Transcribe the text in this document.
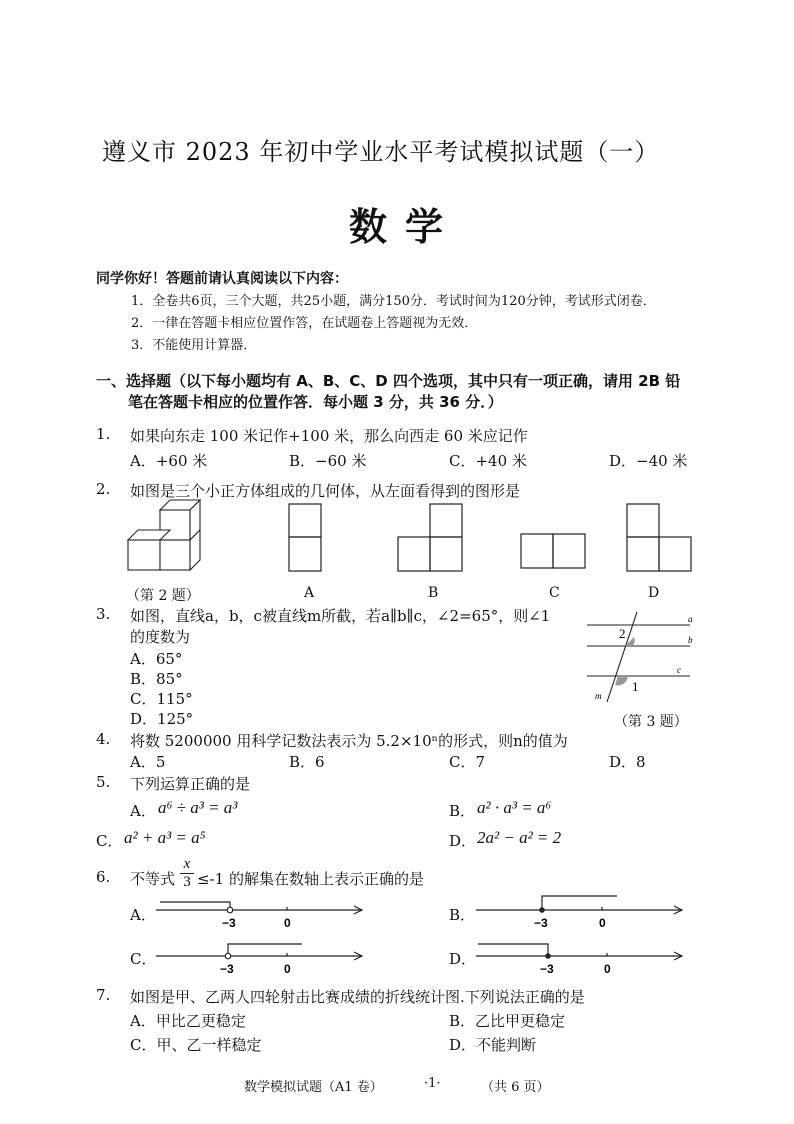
遵义市 2023 年初中学业水平考试模拟试题（一）
数学
同学你好！答题前请认真阅读以下内容：
1．全卷共6页，三个大题，共25小题，满分150分．考试时间为120分钟，考试形式闭卷．
2．一律在答题卡相应位置作答，在试题卷上答题视为无效．
3．不能使用计算器．
一、选择题（以下每小题均有 A、B、C、D 四个选项，其中只有一项正确，请用 2B 铅
笔在答题卡相应的位置作答．每小题 3 分，共 36 分．）
1. 如果向东走 100 米记作+100 米，那么向西走 60 米应记作
A．+60 米	B．−60 米	C．+40 米	D．−40 米
2. 如图是三个小正方体组成的几何体，从左面看得到的图形是
（第 2 题）	A	B	C	D
3. 如图，直线a，b，c被直线m所截，若a∥b∥c，∠2=65°，则∠1
的度数为
A．65°
B．85°
C．115°
D．125°
a
b
c
m
2
1
（第 3 题）
4. 将数 5200000 用科学记数法表示为 5.2×10ⁿ的形式，则n的值为
A．5	B．6	C．7	D．8
5. 下列运算正确的是
A． a⁶ ÷ a³ = a³	B． a² · a³ = a⁶
C． a² + a³ = a⁵	D． 2a² − a² = 2
6. 不等式 $\frac{x}{3} \le-1$ 的解集在数轴上表示正确的是
A．	−3	0	B．	−3	0
C．
−3	0
D．
−3	0
7. 如图是甲、乙两人四轮射击比赛成绩的折线统计图.下列说法正确的是
A．甲比乙更稳定	B．乙比甲更稳定
C．甲、乙一样稳定	D．不能判断
数学模拟试题（A1 卷）	·1·	（共 6 页）
